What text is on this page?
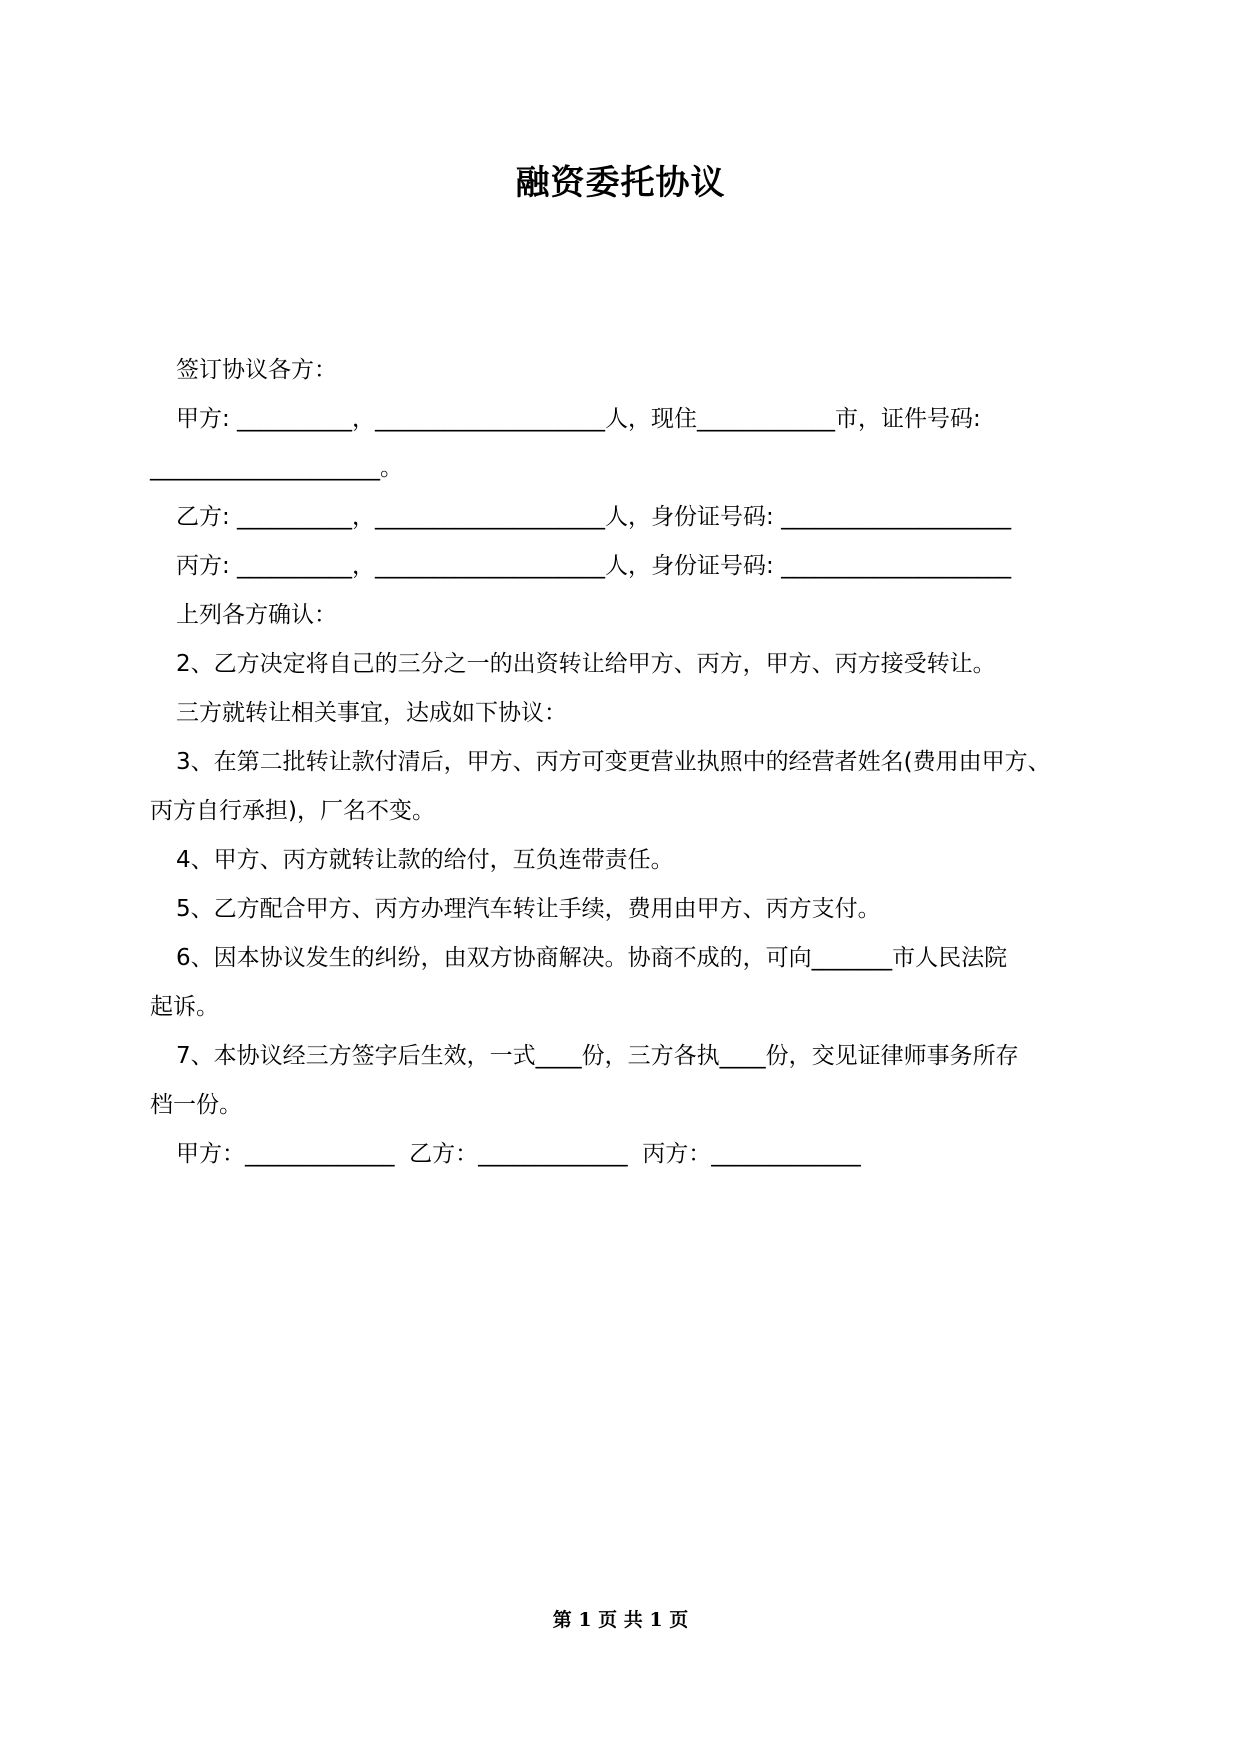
融资委托协议

签订协议各方：

甲方: __________，____________________人，现住____________市，证件号码:

____________________。

乙方: __________，____________________人，身份证号码: ____________________

丙方: __________，____________________人，身份证号码: ____________________

上列各方确认：

2、乙方决定将自己的三分之一的出资转让给甲方、丙方，甲方、丙方接受转让。

三方就转让相关事宜，达成如下协议：

3、在第二批转让款付清后，甲方、丙方可变更营业执照中的经营者姓名(费用由甲方、

丙方自行承担)，厂名不变。

4、甲方、丙方就转让款的给付，互负连带责任。

5、乙方配合甲方、丙方办理汽车转让手续，费用由甲方、丙方支付。

6、因本协议发生的纠纷，由双方协商解决。协商不成的，可向_______市人民法院

起诉。

7、本协议经三方签字后生效，一式____份，三方各执____份，交见证律师事务所存

档一份。

甲方：_____________  乙方：_____________  丙方：_____________

第 1 页 共 1 页
